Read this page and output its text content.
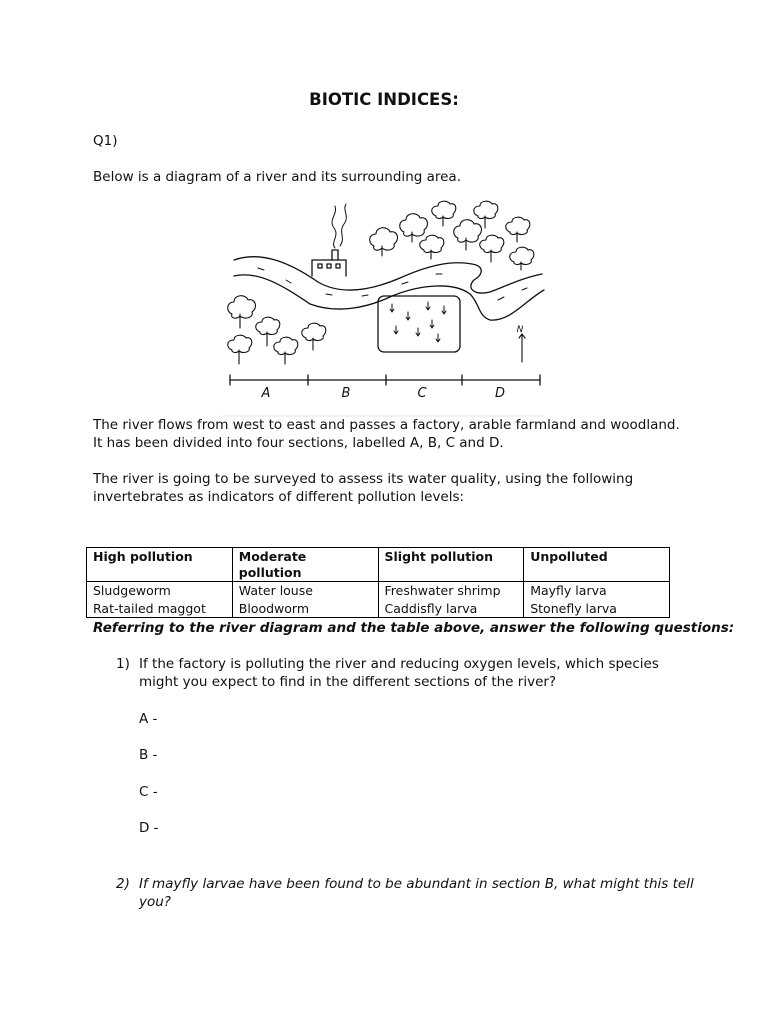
BIOTIC INDICES:
Q1)
Below is a diagram of a river and its surrounding area.
N
A	B	C	D
The river flows from west to east and passes a factory, arable farmland and woodland.
It has been divided into four sections, labelled A, B, C and D.
The river is going to be surveyed to assess its water quality, using the following
invertebrates as indicators of different pollution levels:
High pollution	Moderate pollution	Slight pollution	Unpolluted
Sludgeworm	Water louse	Freshwater shrimp	Mayfly larva
Rat-tailed maggot	Bloodworm	Caddisfly larva	Stonefly larva
Referring to the river diagram and the table above, answer the following questions:
1) If the factory is polluting the river and reducing oxygen levels, which species
might you expect to find in the different sections of the river?
A -
B -
C -
D -
2) If mayfly larvae have been found to be abundant in section B, what might this tell
you?
